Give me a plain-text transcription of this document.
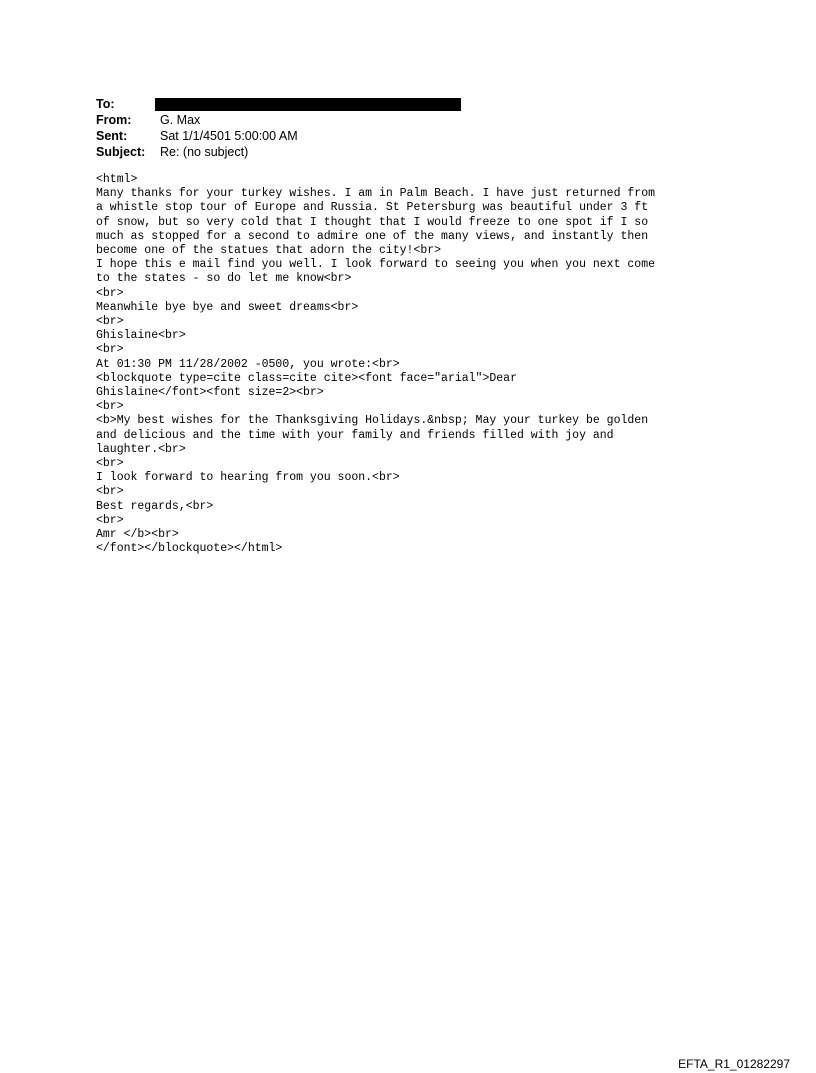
To:
From:	G. Max
Sent:	Sat 1/1/4501 5:00:00 AM
Subject:	Re: (no subject)
<html>
Many thanks for your turkey wishes. I am in Palm Beach. I have just returned from
a whistle stop tour of Europe and Russia. St Petersburg was beautiful under 3 ft
of snow, but so very cold that I thought that I would freeze to one spot if I so
much as stopped for a second to admire one of the many views, and instantly then
become one of the statues that adorn the city!<br>
I hope this e mail find you well. I look forward to seeing you when you next come
to the states - so do let me know<br>
<br>
Meanwhile bye bye and sweet dreams<br>
<br>
Ghislaine<br>
<br>
At 01:30 PM 11/28/2002 -0500, you wrote:<br>
<blockquote type=cite class=cite cite><font face="arial">Dear
Ghislaine</font><font size=2><br>
<br>
<b>My best wishes for the Thanksgiving Holidays.&nbsp; May your turkey be golden
and delicious and the time with your family and friends filled with joy and
laughter.<br>
<br>
I look forward to hearing from you soon.<br>
<br>
Best regards,<br>
<br>
Amr </b><br>
</font></blockquote></html>
EFTA_R1_01282297
